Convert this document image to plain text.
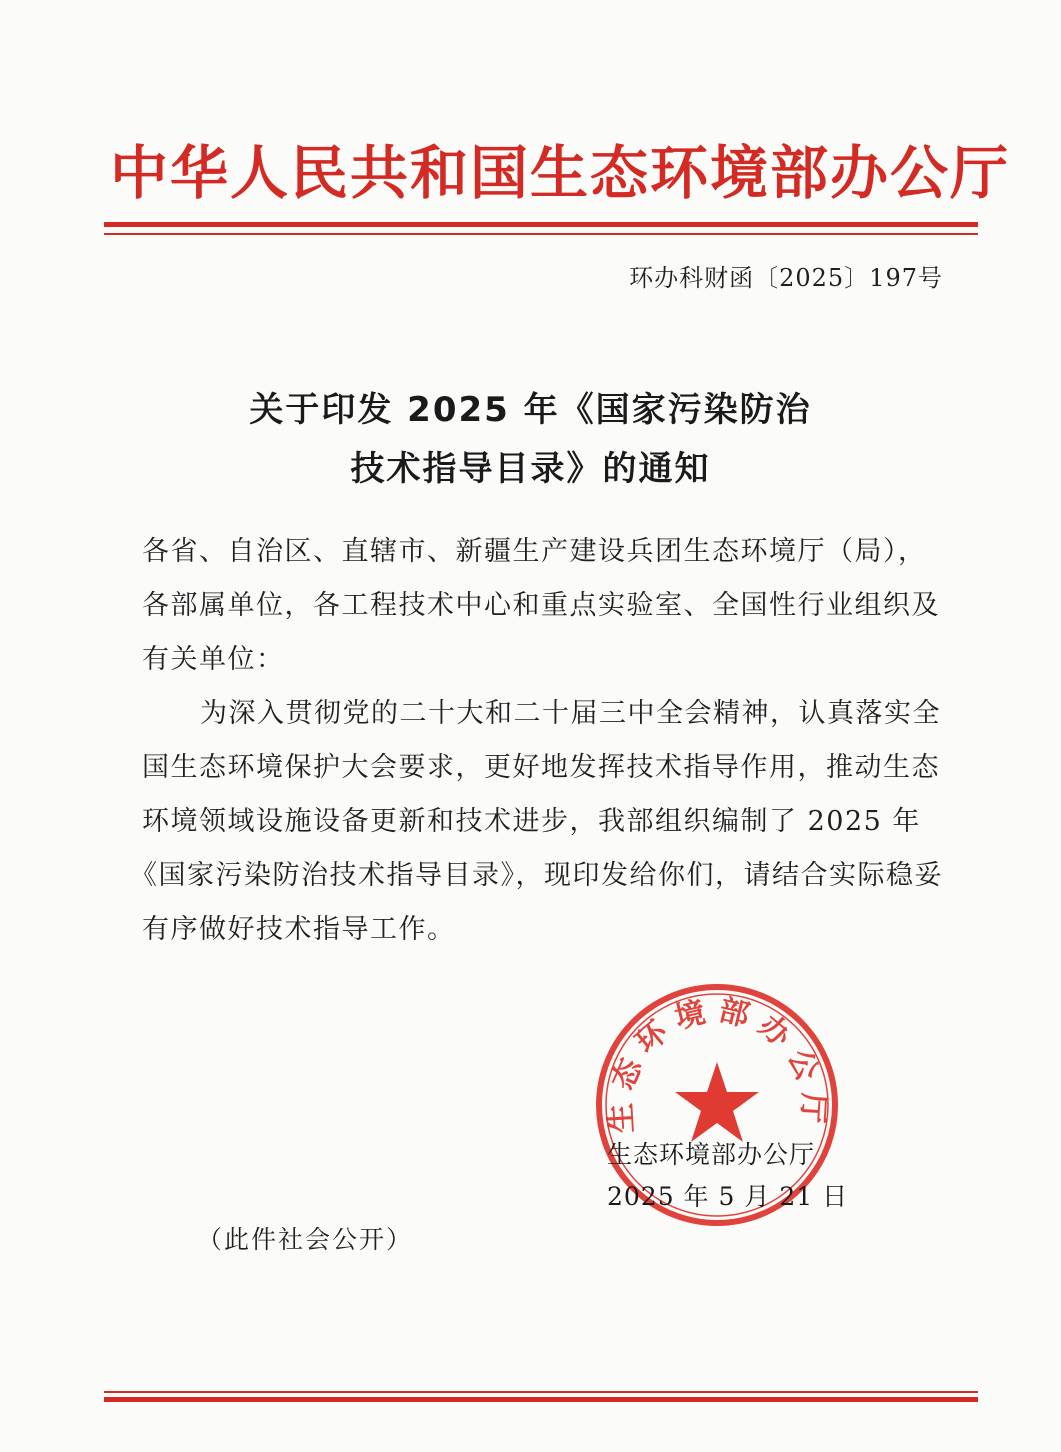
中华人民共和国生态环境部办公厅
环办科财函〔2025〕197号
关于印发 2025 年《国家污染防治
技术指导目录》的通知
各省、自治区、直辖市、新疆生产建设兵团生态环境厅（局），
各部属单位，各工程技术中心和重点实验室、全国性行业组织及
有关单位：
为深入贯彻党的二十大和二十届三中全会精神，认真落实全
国生态环境保护大会要求，更好地发挥技术指导作用，推动生态
环境领域设施设备更新和技术进步，我部组织编制了 2025 年
《国家污染防治技术指导目录》，现印发给你们，请结合实际稳妥
有序做好技术指导工作。
生态环境部办公厅
生态环境部办公厅
2025 年 5 月 21 日
（此件社会公开）
